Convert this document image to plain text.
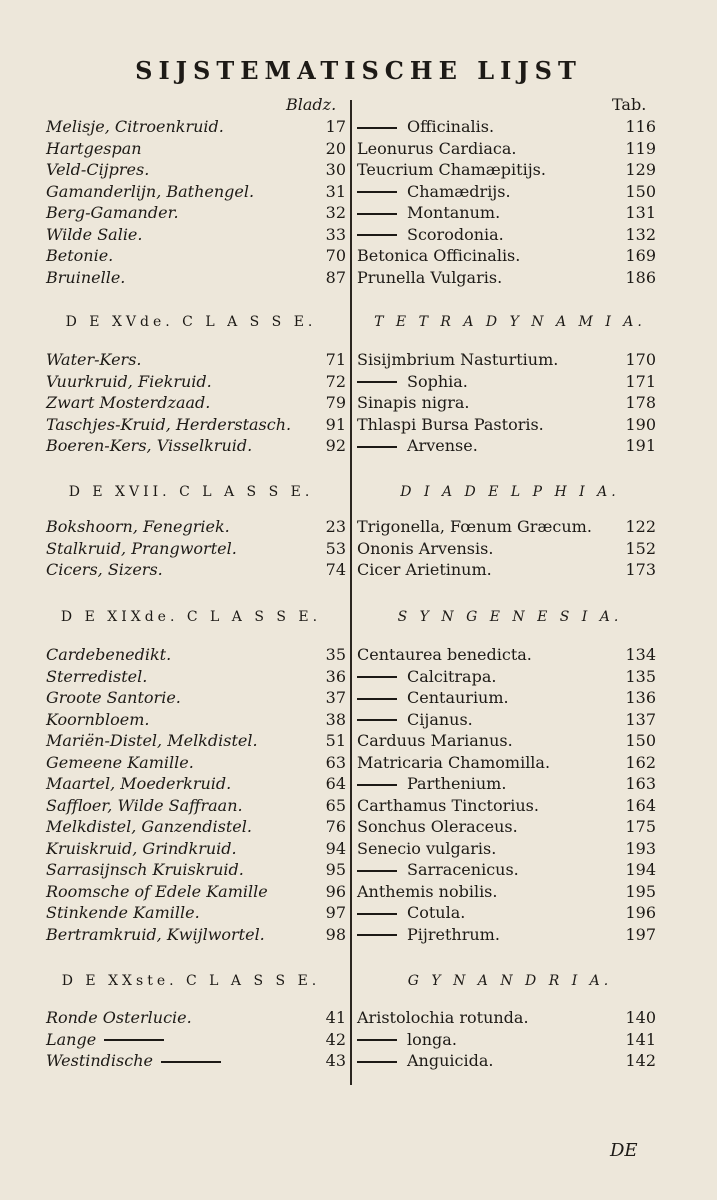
SIJSTEMATISCHE LIJST
Bladz.	Tab.
Melisje, Citroenkruid.	17	Officinalis.	116
Hartgespan	20 Leonurus Cardiaca.	119
Veld-Cijpres.	30 Teucrium Chamæpitijs.	129
Gamanderlijn, Bathengel.	31	Chamædrijs.	150
Berg-Gamander.	32	Montanum.	131
Wilde Salie.	33	Scorodonia.	132
Betonie.	70 Betonica Officinalis.	169
Bruinelle.	87 Prunella Vulgaris.	186
D E XVde. C L A S S E.	T E T R A D Y N A M I A.
Water-Kers.	71 Sisijmbrium Nasturtium.	170
Vuurkruid, Fiekruid.	72	Sophia.	171
Zwart Mosterdzaad.	79 Sinapis nigra.	178
Taschjes-Kruid, Herderstasch.	91 Thlaspi Bursa Pastoris.	190
Boeren-Kers, Visselkruid.	92	Arvense.	191
D E XVII. C L A S S E.	D I A D E L P H I A.
Bokshoorn, Fenegriek.	23 Trigonella, Fœnum Græcum.	122
Stalkruid, Prangwortel.	53 Ononis Arvensis.	152
Cicers, Sizers.	74 Cicer Arietinum.	173
D E XIXde. C L A S S E.	S Y N G E N E S I A.
Cardebenedikt.	35 Centaurea benedicta.	134
Sterredistel.	36	Calcitrapa.	135
Groote Santorie.	37	Centaurium.	136
Koornbloem.	38	Cijanus.	137
Mariën-Distel, Melkdistel.	51 Carduus Marianus.	150
Gemeene Kamille.	63 Matricaria Chamomilla.	162
Maartel, Moederkruid.	64	Parthenium.	163
Saffloer, Wilde Saffraan.	65 Carthamus Tinctorius.	164
Melkdistel, Ganzendistel.	76 Sonchus Oleraceus.	175
Kruiskruid, Grindkruid.	94 Senecio vulgaris.	193
Sarrasijnsch Kruiskruid.	95	Sarracenicus.	194
Roomsche of Edele Kamille	96 Anthemis nobilis.	195
Stinkende Kamille.	97	Cotula.	196
Bertramkruid, Kwijlwortel.	98	Pijrethrum.	197
D E XXste. C L A S S E.	G Y N A N D R I A.
Ronde Osterlucie.	41 Aristolochia rotunda.	140
Lange	42	longa.	141
Westindische	43	Anguicida.	142
DE
